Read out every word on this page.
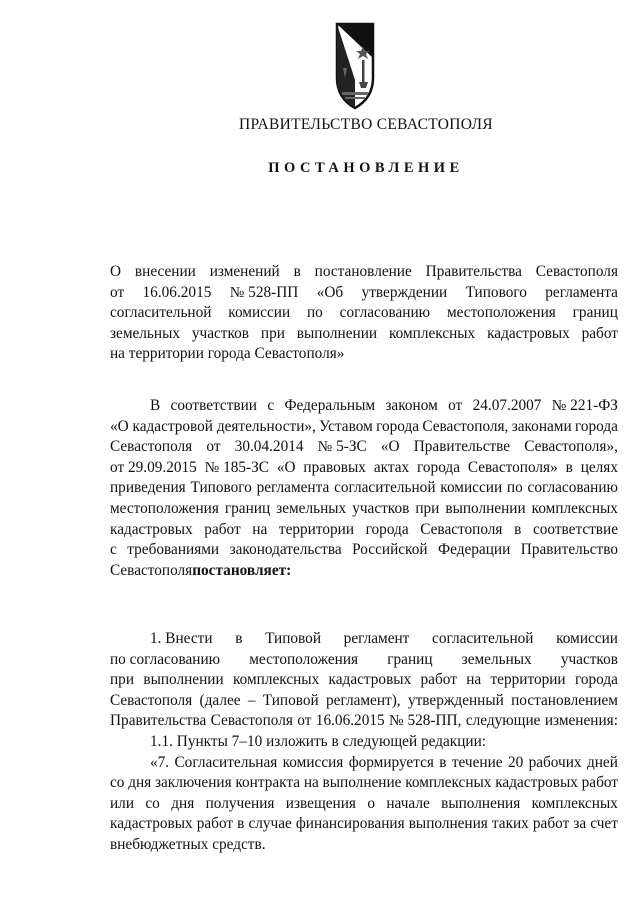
ПРАВИТЕЛЬСТВО СЕВАСТОПОЛЯ
ПОСТАНОВЛЕНИЕ
О внесении изменений в постановление Правительства Севастополя
от 16.06.2015 № 528-ПП «Об утверждении Типового регламента
согласительной комиссии по согласованию местоположения границ
земельных участков при выполнении комплексных кадастровых работ
на территории города Севастополя»
В соответствии с Федеральным законом от 24.07.2007 № 221-ФЗ
«О кадастровой деятельности», Уставом города Севастополя, законами города
Севастополя от 30.04.2014 № 5-ЗС «О Правительстве Севастополя»,
от 29.09.2015 № 185-ЗС «О правовых актах города Севастополя» в целях
приведения Типового регламента согласительной комиссии по согласованию
местоположения границ земельных участков при выполнении комплексных
кадастровых работ на территории города Севастополя в соответствие
с требованиями законодательства Российской Федерации Правительство
Севастополя постановляет:
1. Внести в Типовой регламент согласительной комиссии
по согласованию местоположения границ земельных участков
при выполнении комплексных кадастровых работ на территории города
Севастополя (далее – Типовой регламент), утвержденный постановлением
Правительства Севастополя от 16.06.2015 № 528-ПП, следующие изменения:
1.1. Пункты 7–10 изложить в следующей редакции:
«7. Согласительная комиссия формируется в течение 20 рабочих дней
со дня заключения контракта на выполнение комплексных кадастровых работ
или со дня получения извещения о начале выполнения комплексных
кадастровых работ в случае финансирования выполнения таких работ за счет
внебюджетных средств.
